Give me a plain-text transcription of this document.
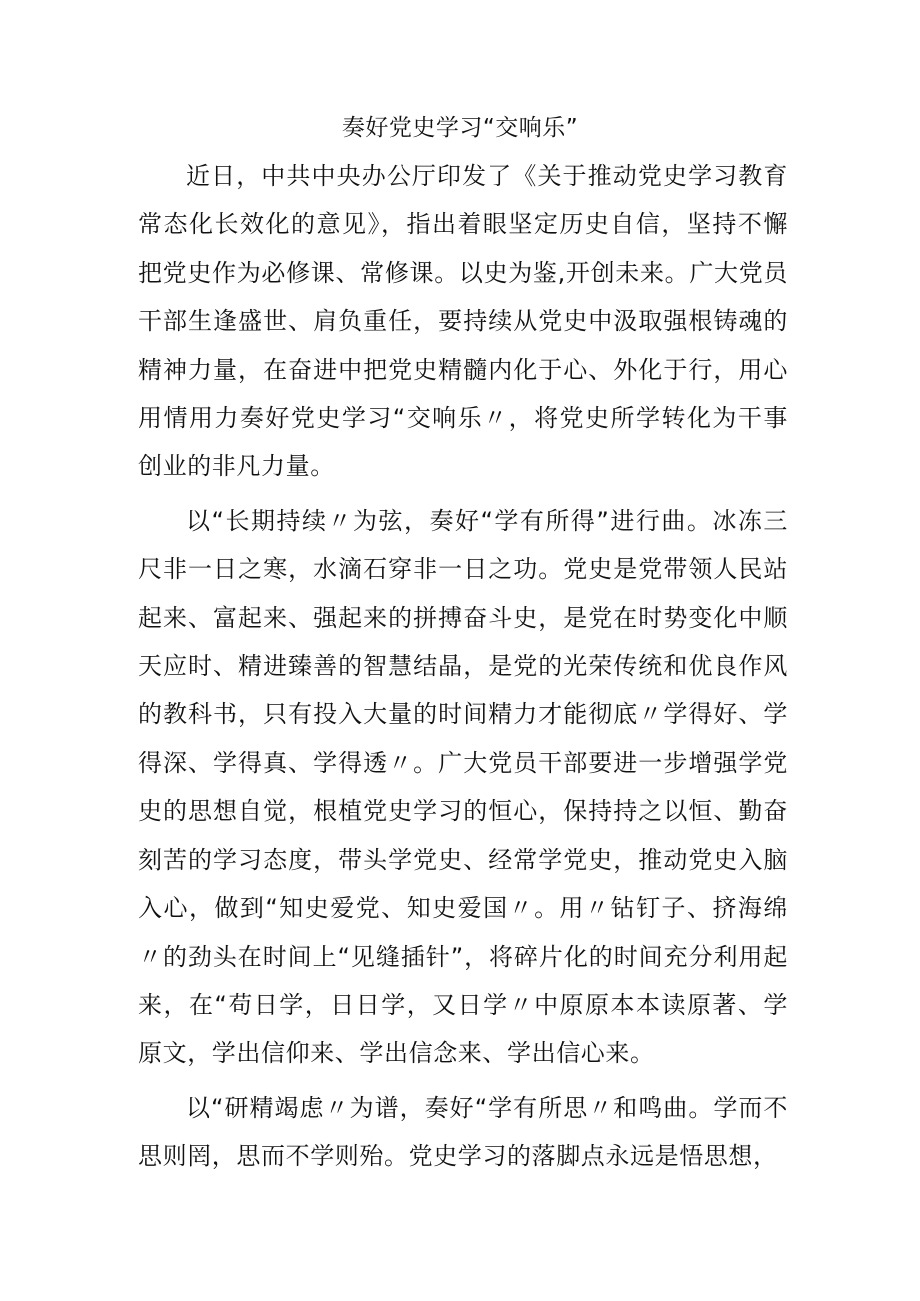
奏好党史学习“交响乐”

近日，中共中央办公厅印发了《关于推动党史学习教育常态化长效化的意见》，指出着眼坚定历史自信，坚持不懈把党史作为必修课、常修课。以史为鉴,开创未来。广大党员干部生逢盛世、肩负重任，要持续从党史中汲取强根铸魂的精神力量，在奋进中把党史精髓内化于心、外化于行，用心用情用力奏好党史学习“交响乐〃，将党史所学转化为干事创业的非凡力量。

以“长期持续〃为弦，奏好“学有所得”进行曲。冰冻三尺非一日之寒，水滴石穿非一日之功。党史是党带领人民站起来、富起来、强起来的拼搏奋斗史，是党在时势变化中顺天应时、精进臻善的智慧结晶，是党的光荣传统和优良作风的教科书，只有投入大量的时间精力才能彻底〃学得好、学得深、学得真、学得透〃。广大党员干部要进一步增强学党史的思想自觉，根植党史学习的恒心，保持持之以恒、勤奋刻苦的学习态度，带头学党史、经常学党史，推动党史入脑入心，做到“知史爱党、知史爱国〃。用〃钻钉子、挤海绵〃的劲头在时间上“见缝插针”，将碎片化的时间充分利用起来，在“苟日学，日日学，又日学〃中原原本本读原著、学原文，学出信仰来、学出信念来、学出信心来。

以“研精竭虑〃为谱，奏好“学有所思〃和鸣曲。学而不思则罔，思而不学则殆。党史学习的落脚点永远是悟思想，
